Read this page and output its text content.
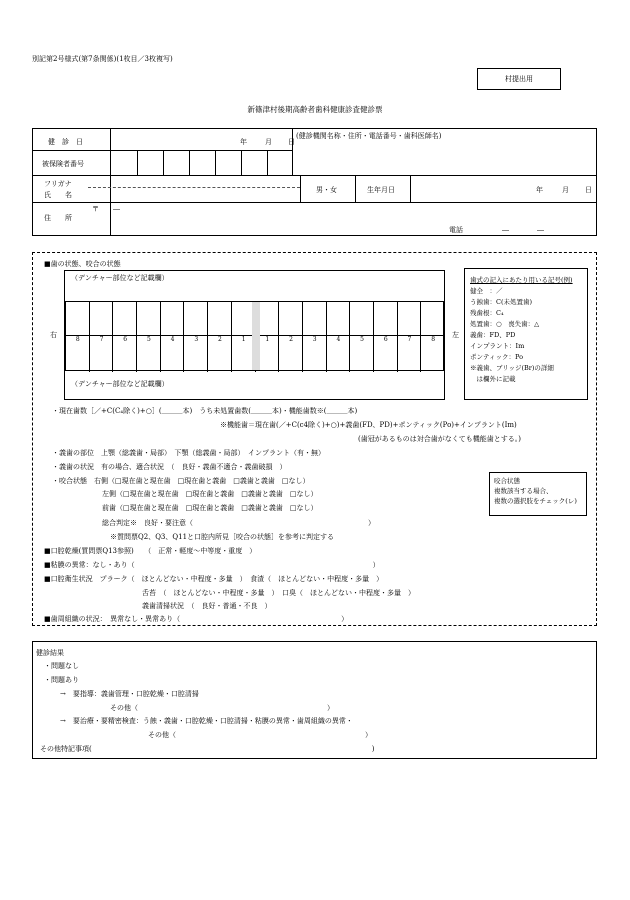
別記第2号様式(第7条関係)(1枚目／3枚複写)
村提出用
新篠津村後期高齢者歯科健康診査健診票
健　診　日	年	月 日
被保険者番号
(健診機関名称・住所・電話番号・歯科医師名)
フリガナ
氏　　名
男・女	生年月日	年	月 日
住　　所
〒　　―
電話	―　　　　―
■歯の状態、咬合の状態
（デンチャー部位など記載欄）
（デンチャー部位など記載欄）
8	7	6	5	4	3	2	1	1	2	3	4	5	6	7	8
右	左
歯式の記入にあたり用いる記号(例)
健全　：／
う蝕歯：C(未処置歯)
残歯根：C₄
処置歯：○　喪失歯：△
義歯：FD、PD
インプラント：Im
ポンティック：Po
※義歯、ブリッジ(Br)の詳細
　は欄外に記載
・現在歯数［／+C(C₄除く)+○］(＿＿＿本)　うち未処置歯数(＿＿＿本)・機能歯数※(＿＿＿本)
※機能歯＝現在歯(／+C(c4除く)+○)+義歯(FD、PD)+ポンティック(Po)+インプラント(Im)
(歯冠があるものは対合歯がなくても機能歯とする。)
・義歯の部位　上顎（総義歯・局部）　下顎（総義歯・局部）　インプラント（有・無）
・義歯の状況　有の場合、適合状況　（　良好・義歯不適合・義歯破損　）
・咬合状態　右側（□現在歯と現在歯　□現在歯と義歯　□義歯と義歯　□なし）
左側（□現在歯と現在歯　□現在歯と義歯　□義歯と義歯　□なし）
前歯（□現在歯と現在歯　□現在歯と義歯　□義歯と義歯　□なし）
総合判定※　良好・要注意（　　　　　　　　　　　　　　　　　　　　　　　　　）
※質問票Q2、Q3、Q11と口腔内所見［咬合の状態］を参考に判定する
咬合状態
複数該当する場合、
複数の選択肢をチェック(レ)
■口腔乾燥(質問票Q13参照)　　（　正常・軽度～中等度・重度　）
■粘膜の異常：なし・あり（　　　　　　　　　　　　　　　　　　　　　　　　　　　　　　　　　　）
■口腔衛生状況　プラーク（　ほとんどない・中程度・多量　）　食渣（　ほとんどない・中程度・多量　）
舌苔　（　ほとんどない・中程度・多量　）　口臭（　ほとんどない・中程度・多量　）
義歯清掃状況　（　良好・普通・不良　）
■歯周組織の状況：　異常なし・異常あり（　　　　　　　　　　　　　　　　　　　　　　　）
健診結果
・問題なし
・問題あり
→　要指導：義歯管理・口腔乾燥・口腔清掃
その他（　　　　　　　　　　　　　　　　　　　　　　　　　　　）
→　要治療・要精密検査：う蝕・義歯・口腔乾燥・口腔清掃・粘膜の異常・歯周組織の異常・
その他（　　　　　　　　　　　　　　　　　　　　　　　　　　　）
その他特記事項(　　　　　　　　　　　　　　　　　　　　　　　　　　　　　　　　　　　　　　　　)
